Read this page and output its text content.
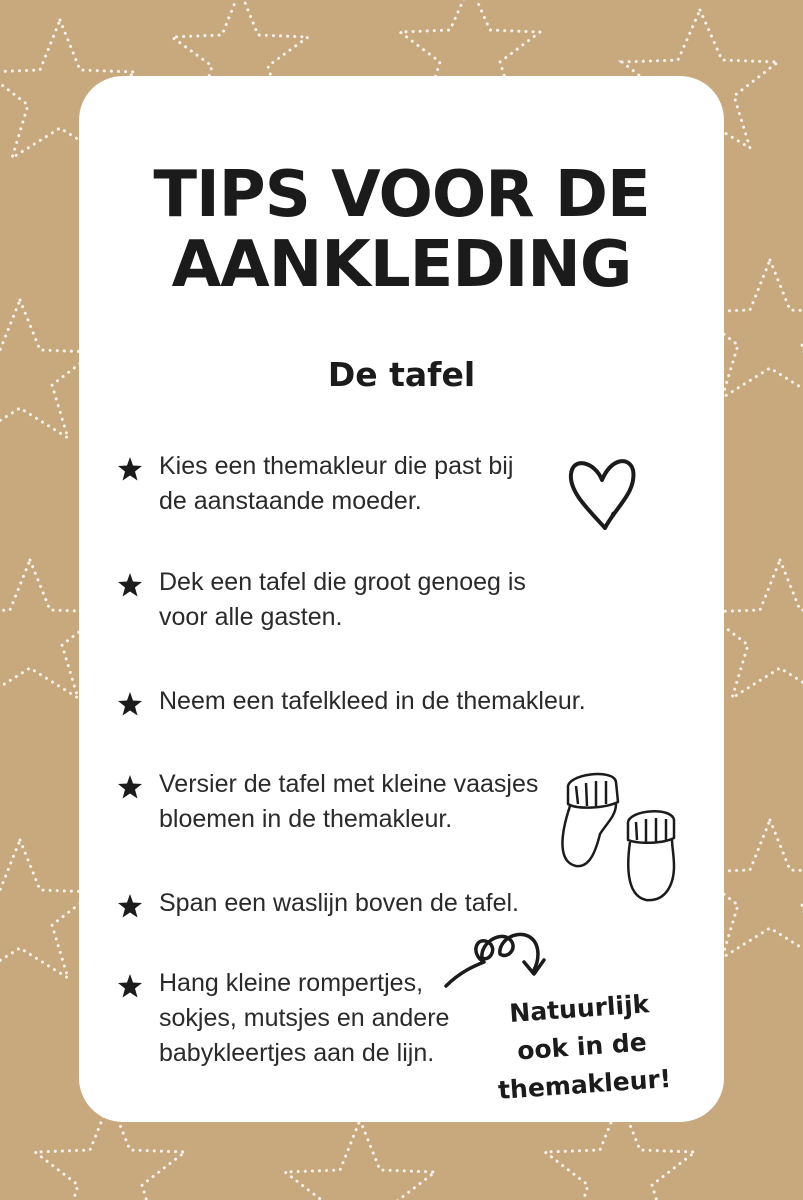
TIPS VOOR DE
AANKLEDING
De tafel
Kies een themakleur die past bij
de aanstaande moeder.
Dek een tafel die groot genoeg is
voor alle gasten.
Neem een tafelkleed in de themakleur.
Versier de tafel met kleine vaasjes
bloemen in de themakleur.
Span een waslijn boven de tafel.
Hang kleine rompertjes,
sokjes, mutsjes en andere
babykleertjes aan de lijn.
Natuurlijk
ook in de
themakleur!
